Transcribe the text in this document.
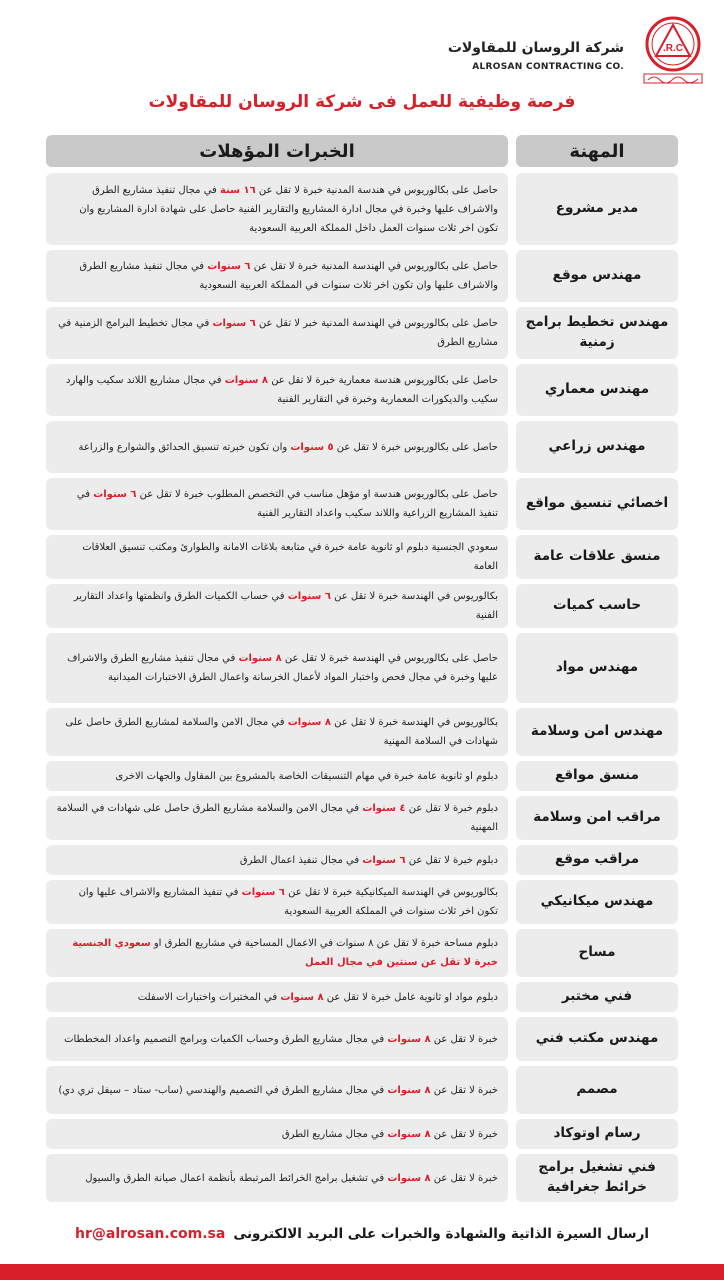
R.C.
شركة الروسان للمقاولات
ALROSAN CONTRACTING CO.
فرصة وظيفية للعمل فى شركة الروسان للمقاولات
المهنة
الخبرات المؤهلات
مدير مشروع
حاصل على بكالوريوس في هندسة المدنية خبرة لا تقل عن ١٦ سنة في مجال تنفيذ مشاريع الطرق والاشراف عليها وخبرة في مجال ادارة المشاريع والتقارير الفنية حاصل على شهادة ادارة المشاريع وان تكون اخر ثلاث سنوات العمل داخل المملكة العربية السعودية
مهندس موقع
حاصل على بكالوريوس في الهندسة المدنية خبرة لا تقل عن ٦ سنوات في مجال تنفيذ مشاريع الطرق والاشراف عليها وان تكون اخر ثلاث سنوات في المملكة العربية السعودية
مهندس تخطيط برامج زمنية
حاصل على بكالوريوس في الهندسة المدنية خبر لا تقل عن ٦ سنوات في مجال تخطيط البرامج الزمنية في مشاريع الطرق
مهندس معماري
حاصل على بكالوريوس هندسة معمارية خبرة لا تقل عن ٨ سنوات في مجال مشاريع اللاند سكيب والهارد سكيب والديكورات المعمارية وخبرة في التقارير الفنية
مهندس زراعي
حاصل على بكالوريوس خبرة لا تقل عن ٥ سنوات وان تكون خبرته تنسيق الحدائق والشوارع والزراعة
اخصائي تنسيق مواقع
حاصل على بكالوريوس هندسة او مؤهل مناسب في التخصص المطلوب خبرة لا تقل عن ٦ سنوات في تنفيذ المشاريع الزراعية واللاند سكيب واعداد التقارير الفنية
منسق علاقات عامة
سعودي الجنسية دبلوم او ثانوية عامة خبرة في متابعة بلاغات الامانة والطوارئ ومكتب تنسيق العلاقات العامة
حاسب كميات
بكالوريوس في الهندسة خبرة لا تقل عن ٦ سنوات في حساب الكميات الطرق وانظمتها واعداد التقارير الفنية
مهندس مواد
حاصل على بكالوريوس في الهندسة خبرة لا تقل عن ٨ سنوات في مجال تنفيذ مشاريع الطرق والاشراف عليها وخبرة في مجال فحص واختبار المواد لأعمال الخرسانة واعمال الطرق الاختبارات الميدانية
مهندس امن وسلامة
بكالوريوس في الهندسة خبرة لا تقل عن ٨ سنوات في مجال الامن والسلامة لمشاريع الطرق حاصل على شهادات في السلامة المهنية
منسق مواقع
دبلوم او ثانوية عامة خبرة في مهام التنسيقات الخاصة بالمشروع بين المقاول والجهات الاخرى
مراقب امن وسلامة
دبلوم خبرة لا تقل عن ٤ سنوات في مجال الامن والسلامة مشاريع الطرق حاصل على شهادات في السلامة المهنية
مراقب موقع
دبلوم خبرة لا تقل عن ٦ سنوات في مجال تنفيذ اعمال الطرق
مهندس ميكانيكي
بكالوريوس في الهندسة الميكانيكية خبرة لا تقل عن ٦ سنوات في تنفيذ المشاريع والاشراف عليها وان تكون اخر ثلاث سنوات في المملكة العربية السعودية
مساح
دبلوم مساحة خبرة لا تقل عن ٨ سنوات في الاعمال المساحية في مشاريع الطرق او سعودي الجنسية خبرة لا تقل عن سنتين في مجال العمل
فني مختبر
دبلوم مواد او ثانوية عامل خبرة لا تقل عن ٨ سنوات في المختبرات واختبارات الاسفلت
مهندس مكتب فني
خبرة لا تقل عن ٨ سنوات في مجال مشاريع الطرق وحساب الكميات وبرامج التصميم واعداد المخططات
مصمم
خبرة لا تقل عن ٨ سنوات في مجال مشاريع الطرق في التصميم والهندسي (ساب- ستاد – سيفل تري دي)
رسام اوتوكاد
خبرة لا تقل عن ٨ سنوات في مجال مشاريع الطرق
فني تشغيل برامج خرائط جغرافية
خبرة لا تقل عن ٨ سنوات في تشغيل برامج الخرائط المرتبطة بأنظمة اعمال صيانة الطرق والسيول
ارسال السيرة الذاتية والشهادة والخبرات على البريد الالكترونى
hr@alrosan.com.sa
